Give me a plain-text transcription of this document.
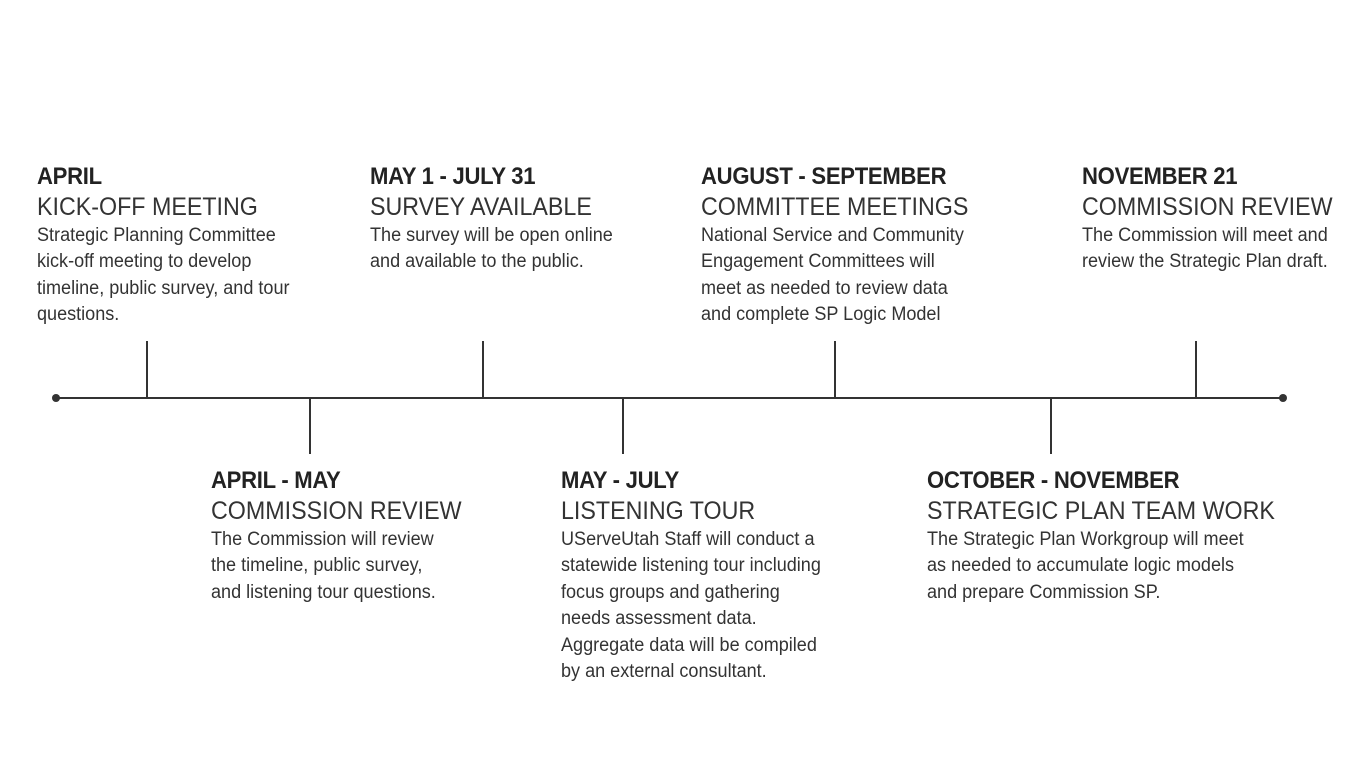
APRIL
KICK-OFF MEETING
Strategic Planning Committee
kick-off meeting to develop
timeline, public survey, and tour
questions.
MAY 1 - JULY 31
SURVEY AVAILABLE
The survey will be open online
and available to the public.
AUGUST - SEPTEMBER
COMMITTEE MEETINGS
National Service and Community
Engagement Committees will
meet as needed to review data
and complete SP Logic Model
NOVEMBER 21
COMMISSION REVIEW
The Commission will meet and
review the Strategic Plan draft.
APRIL - MAY
COMMISSION REVIEW
The Commission will review
the timeline, public survey,
and listening tour questions.
MAY - JULY
LISTENING TOUR
UServeUtah Staff will conduct a
statewide listening tour including
focus groups and gathering
needs assessment data.
Aggregate data will be compiled
by an external consultant.
OCTOBER - NOVEMBER
STRATEGIC PLAN TEAM WORK
The Strategic Plan Workgroup will meet
as needed to accumulate logic models
and prepare Commission SP.
